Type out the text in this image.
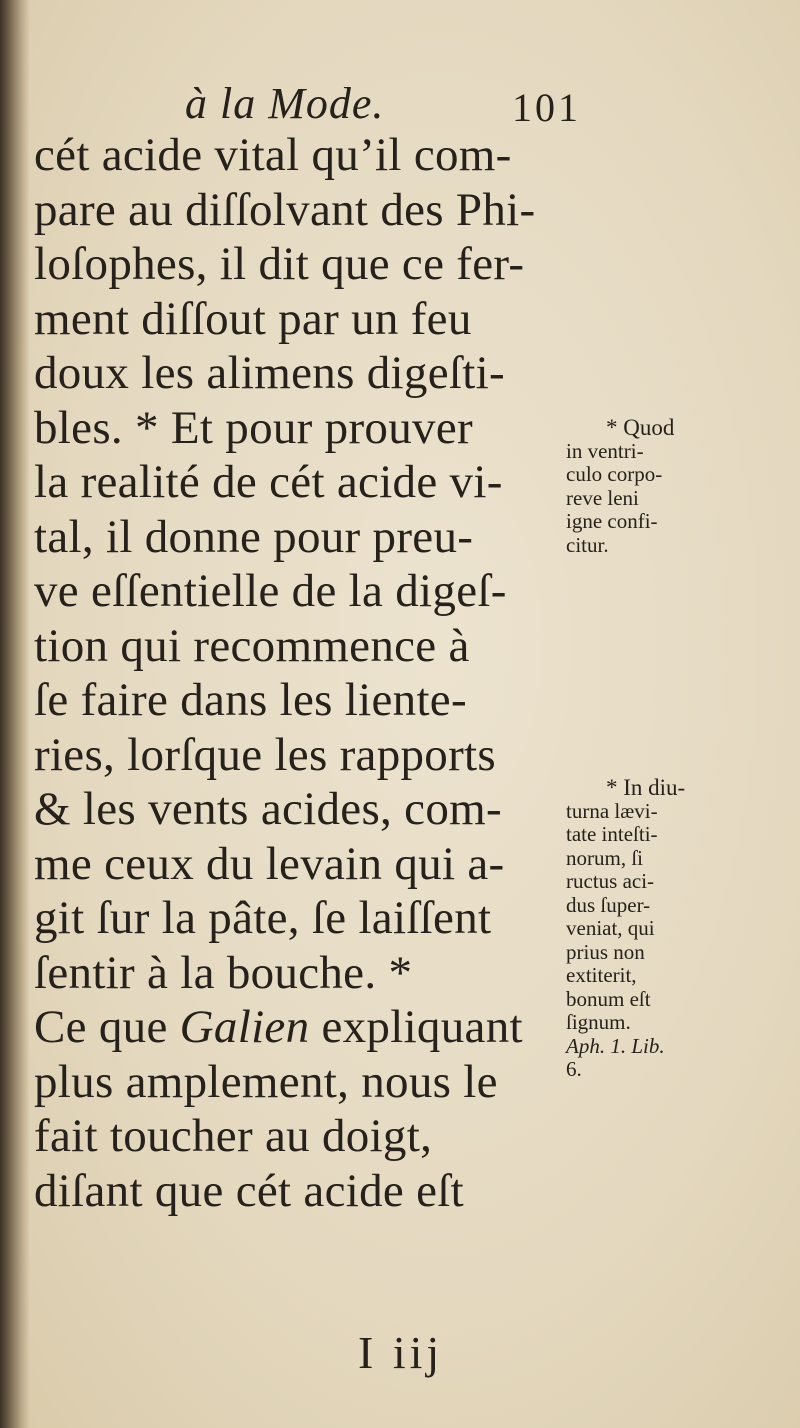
à la Mode.	101
cét acide vital qu’il com-
pare au diſſolvant des Phi-
loſophes, il dit que ce fer-
ment diſſout par un feu
doux les alimens digeſti-
bles. * Et pour prouver
la realité de cét acide vi-
tal, il donne pour preu-
ve eſſentielle de la digeſ-
tion qui recommence à
ſe faire dans les liente-
ries, lorſque les rapports
& les vents acides, com-
me ceux du levain qui a-
git ſur la pâte, ſe laiſſent
ſentir à la bouche. *
Ce que Galien expliquant
plus amplement, nous le
fait toucher au doigt,
diſant que cét acide eſt
* Quod
in ventri-
culo corpo-
reve leni
igne confi-
citur.
* In diu-
turna lævi-
tate inteſti-
norum, ſi
ructus aci-
dus ſuper-
veniat, qui
prius non
extiterit,
bonum eſt
ſignum.
Aph. 1. Lib.
6.
I iij
